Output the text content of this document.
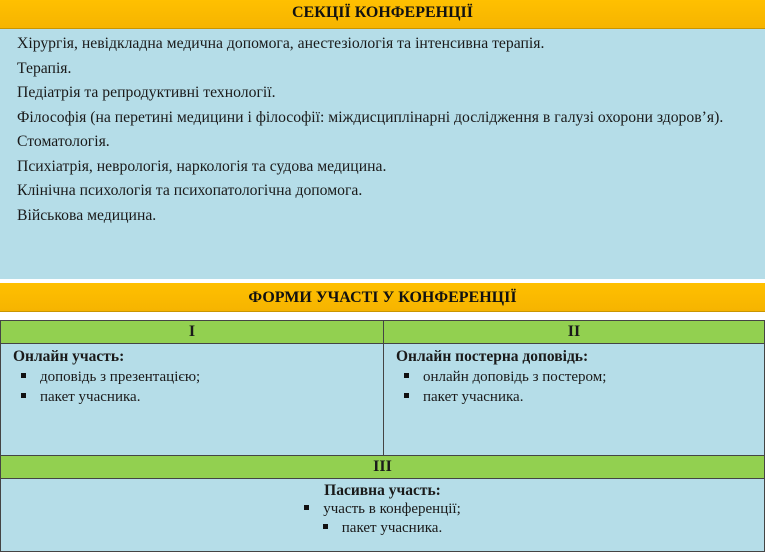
СЕКЦІЇ КОНФЕРЕНЦІЇ

Хірургія, невідкладна медична допомога, анестезіологія та інтенсивна терапія.

Терапія.

Педіатрія та репродуктивні технології.

Філософія (на перетині медицини і філософії: міждисциплінарні дослідження в галузі охорони здоров’я).

Стоматологія.

Психіатрія, неврологія, наркологія та судова медицина.

Клінічна психологія та психопатологічна допомога.

Військова медицина.

ФОРМИ УЧАСТІ У КОНФЕРЕНЦІЇ
І

Онлайн участь:

доповідь з презентацією;

пакет учасника.

ІІ

Онлайн постерна доповідь:

онлайн доповідь з постером;

пакет учасника.

ІІІ

Пасивна участь:

участь в конференції;

пакет учасника.
